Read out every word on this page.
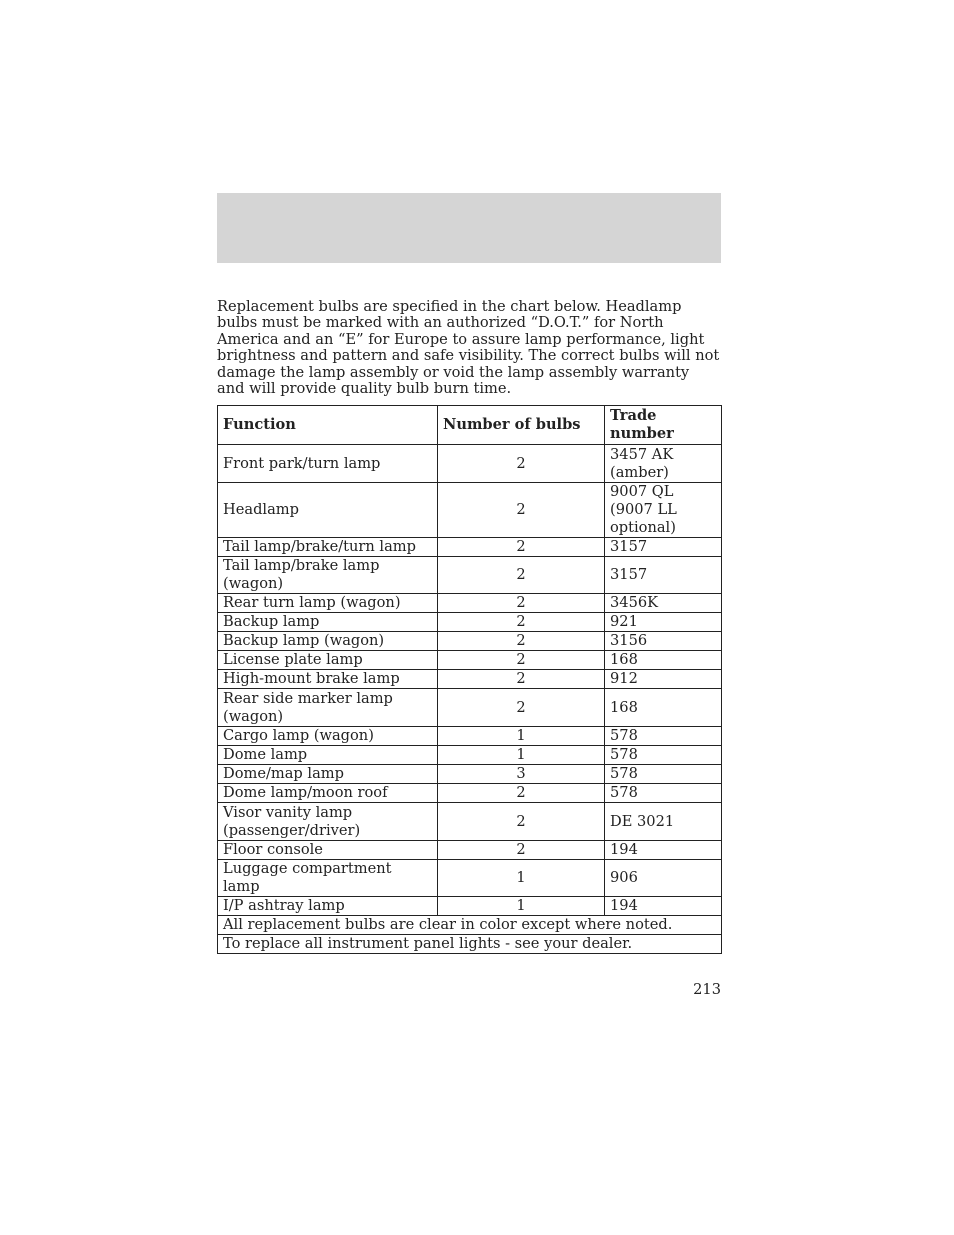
Replacement bulbs are specified in the chart below. Headlamp bulbs must be marked with an authorized “D.O.T.” for North America and an “E” for Europe to assure lamp performance, light brightness and pattern and safe visibility. The correct bulbs will not damage the lamp assembly or void the lamp assembly warranty and will provide quality bulb burn time.

Function	Number of bulbs	Trade number
Front park/turn lamp	2	3457 AK (amber)
Headlamp	2	9007 QL (9007 LL optional)
Tail lamp/brake/turn lamp	2	3157
Tail lamp/brake lamp (wagon)	2	3157
Rear turn lamp (wagon)	2	3456K
Backup lamp	2	921
Backup lamp (wagon)	2	3156
License plate lamp	2	168
High-mount brake lamp	2	912
Rear side marker lamp (wagon)	2	168
Cargo lamp (wagon)	1	578
Dome lamp	1	578
Dome/map lamp	3	578
Dome lamp/moon roof	2	578
Visor vanity lamp (passenger/driver)	2	DE 3021
Floor console	2	194
Luggage compartment lamp	1	906
I/P ashtray lamp	1	194
All replacement bulbs are clear in color except where noted.		
To replace all instrument panel lights - see your dealer.		
213
